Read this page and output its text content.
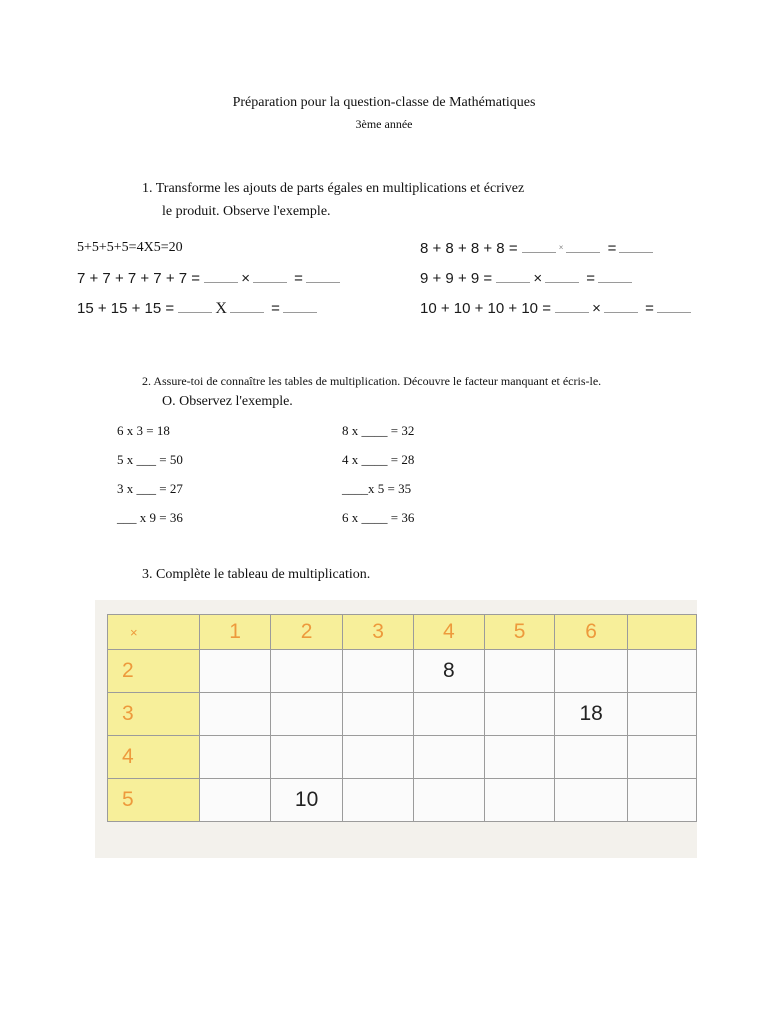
Préparation pour la question-classe de Mathématiques
3ème année
1. Transforme les ajouts de parts égales en multiplications et écrivez
le produit. Observe l'exemple.
5+5+5+5=4X5=20
7 + 7 + 7 + 7 + 7 =	×	=
15 + 15 + 15 =	X	=
8 + 8 + 8 + 8 =	×	=
9 + 9 + 9 =	×	=
10 + 10 + 10 + 10 =	×	=
2. Assure-toi de connaître les tables de multiplication. Découvre le facteur manquant et écris-le.
O. Observez l'exemple.
6 x 3 = 18
5 x ___ = 50
3 x ___ = 27
___ x 9 = 36
8 x ____ = 32
4 x ____ = 28
____x 5 = 35
6 x ____ = 36
3. Complète le tableau de multiplication.
×	1	2	3	4	5	6	
2				8			
3						18	
4							
5		10					
